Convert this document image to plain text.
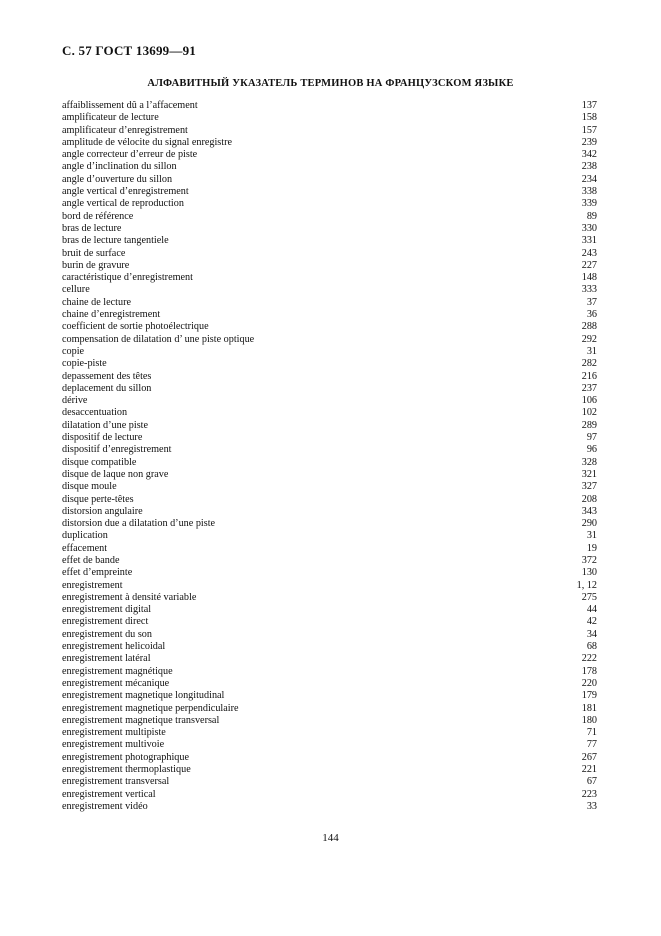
С. 57 ГОСТ 13699—91
АЛФАВИТНЫЙ УКАЗАТЕЛЬ ТЕРМИНОВ НА ФРАНЦУЗСКОМ ЯЗЫКЕ
affaiblissement dû a l’affacement	137
amplificateur de lecture	158
amplificateur d’enregistrement	157
amplitude de vélocite du signal enregistre	239
angle correcteur d’erreur de piste	342
angle d’inclination du sillon	238
angle d’ouverture du sillon	234
angle vertical d’enregistrement	338
angle vertical de reproduction	339
bord de référence	89
bras de lecture	330
bras de lecture tangentiele	331
bruit de surface	243
burin de gravure	227
caractéristique d’enregistrement	148
cellure	333
chaine de lecture	37
chaine d’enregistrement	36
coefficient de sortie photoélectrique	288
compensation de dilatation d’ une piste optique	292
copie	31
copie-piste	282
depassement des têtes	216
deplacement du sillon	237
dérive	106
desaccentuation	102
dilatation d’une piste	289
dispositif de lecture	97
dispositif d’enregistrement	96
disque compatible	328
disque de laque non grave	321
disque moule	327
disque perte-têtes	208
distorsion angulaire	343
distorsion due a dilatation d’une piste	290
duplication	31
effacement	19
effet de bande	372
effet d’empreinte	130
enregistrement	1, 12
enregistrement à densité variable	275
enregistrement digital	44
enregistrement direct	42
enregistrement du son	34
enregistrement helicoidal	68
enregistrement latéral	222
enregistrement magnétique	178
enregistrement mécanique	220
enregistrement magnetique longitudinal	179
enregistrement magnetique perpendiculaire	181
enregistrement magnetique transversal	180
enregistrement multipiste	71
enregistrement multivoie	77
enregistrement photographique	267
enregistrement thermoplastique	221
enregistrement transversal	67
enregistrement vertical	223
enregistrement vidéo	33
144
